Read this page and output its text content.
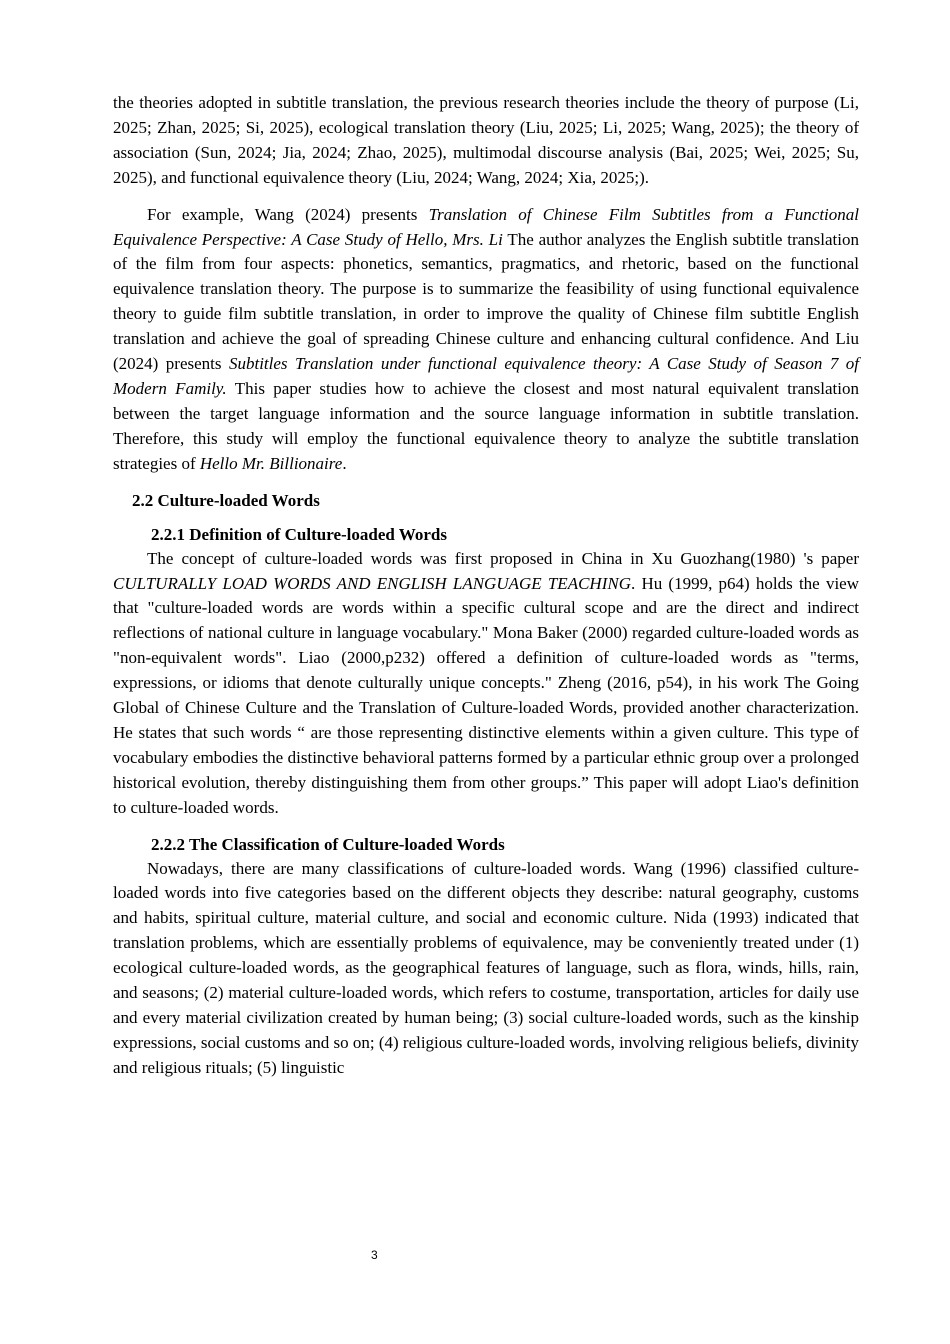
the theories adopted in subtitle translation, the previous research theories include the theory of purpose (Li, 2025; Zhan, 2025; Si, 2025), ecological translation theory (Liu, 2025; Li, 2025; Wang, 2025); the theory of association (Sun, 2024; Jia, 2024; Zhao, 2025), multimodal discourse analysis (Bai, 2025; Wei, 2025; Su, 2025), and functional equivalence theory (Liu, 2024; Wang, 2024; Xia, 2025;).

For example, Wang (2024) presents Translation of Chinese Film Subtitles from a Functional Equivalence Perspective: A Case Study of Hello, Mrs. Li The author analyzes the English subtitle translation of the film from four aspects: phonetics, semantics, pragmatics, and rhetoric, based on the functional equivalence translation theory. The purpose is to summarize the feasibility of using functional equivalence theory to guide film subtitle translation, in order to improve the quality of Chinese film subtitle English translation and achieve the goal of spreading Chinese culture and enhancing cultural confidence. And Liu (2024) presents Subtitles Translation under functional equivalence theory: A Case Study of Season 7 of Modern Family. This paper studies how to achieve the closest and most natural equivalent translation between the target language information and the source language information in subtitle translation. Therefore, this study will employ the functional equivalence theory to analyze the subtitle translation strategies of Hello Mr. Billionaire.

2.2 Culture-loaded Words
2.2.1 Definition of Culture-loaded Words

The concept of culture-loaded words was first proposed in China in Xu Guozhang(1980) 's paper CULTURALLY LOAD WORDS AND ENGLISH LANGUAGE TEACHING. Hu (1999, p64) holds the view that "culture-loaded words are words within a specific cultural scope and are the direct and indirect reflections of national culture in language vocabulary." Mona Baker (2000) regarded culture-loaded words as "non-equivalent words". Liao (2000,p232) offered a definition of culture-loaded words as "terms, expressions, or idioms that denote culturally unique concepts." Zheng (2016, p54), in his work The Going Global of Chinese Culture and the Translation of Culture-loaded Words, provided another characterization. He states that such words “ are those representing distinctive elements within a given culture. This type of vocabulary embodies the distinctive behavioral patterns formed by a particular ethnic group over a prolonged historical evolution, thereby distinguishing them from other groups.” This paper will adopt Liao's definition to culture-loaded words.

2.2.2 The Classification of Culture-loaded Words

Nowadays, there are many classifications of culture-loaded words. Wang (1996) classified culture-loaded words into five categories based on the different objects they describe: natural geography, customs and habits, spiritual culture, material culture, and social and economic culture. Nida (1993) indicated that translation problems, which are essentially problems of equivalence, may be conveniently treated under (1) ecological culture-loaded words, as the geographical features of language, such as flora, winds, hills, rain, and seasons; (2) material culture-loaded words, which refers to costume, transportation, articles for daily use and every material civilization created by human being; (3) social culture-loaded words, such as the kinship expressions, social customs and so on; (4) religious culture-loaded words, involving religious beliefs, divinity and religious rituals; (5) linguistic

3
